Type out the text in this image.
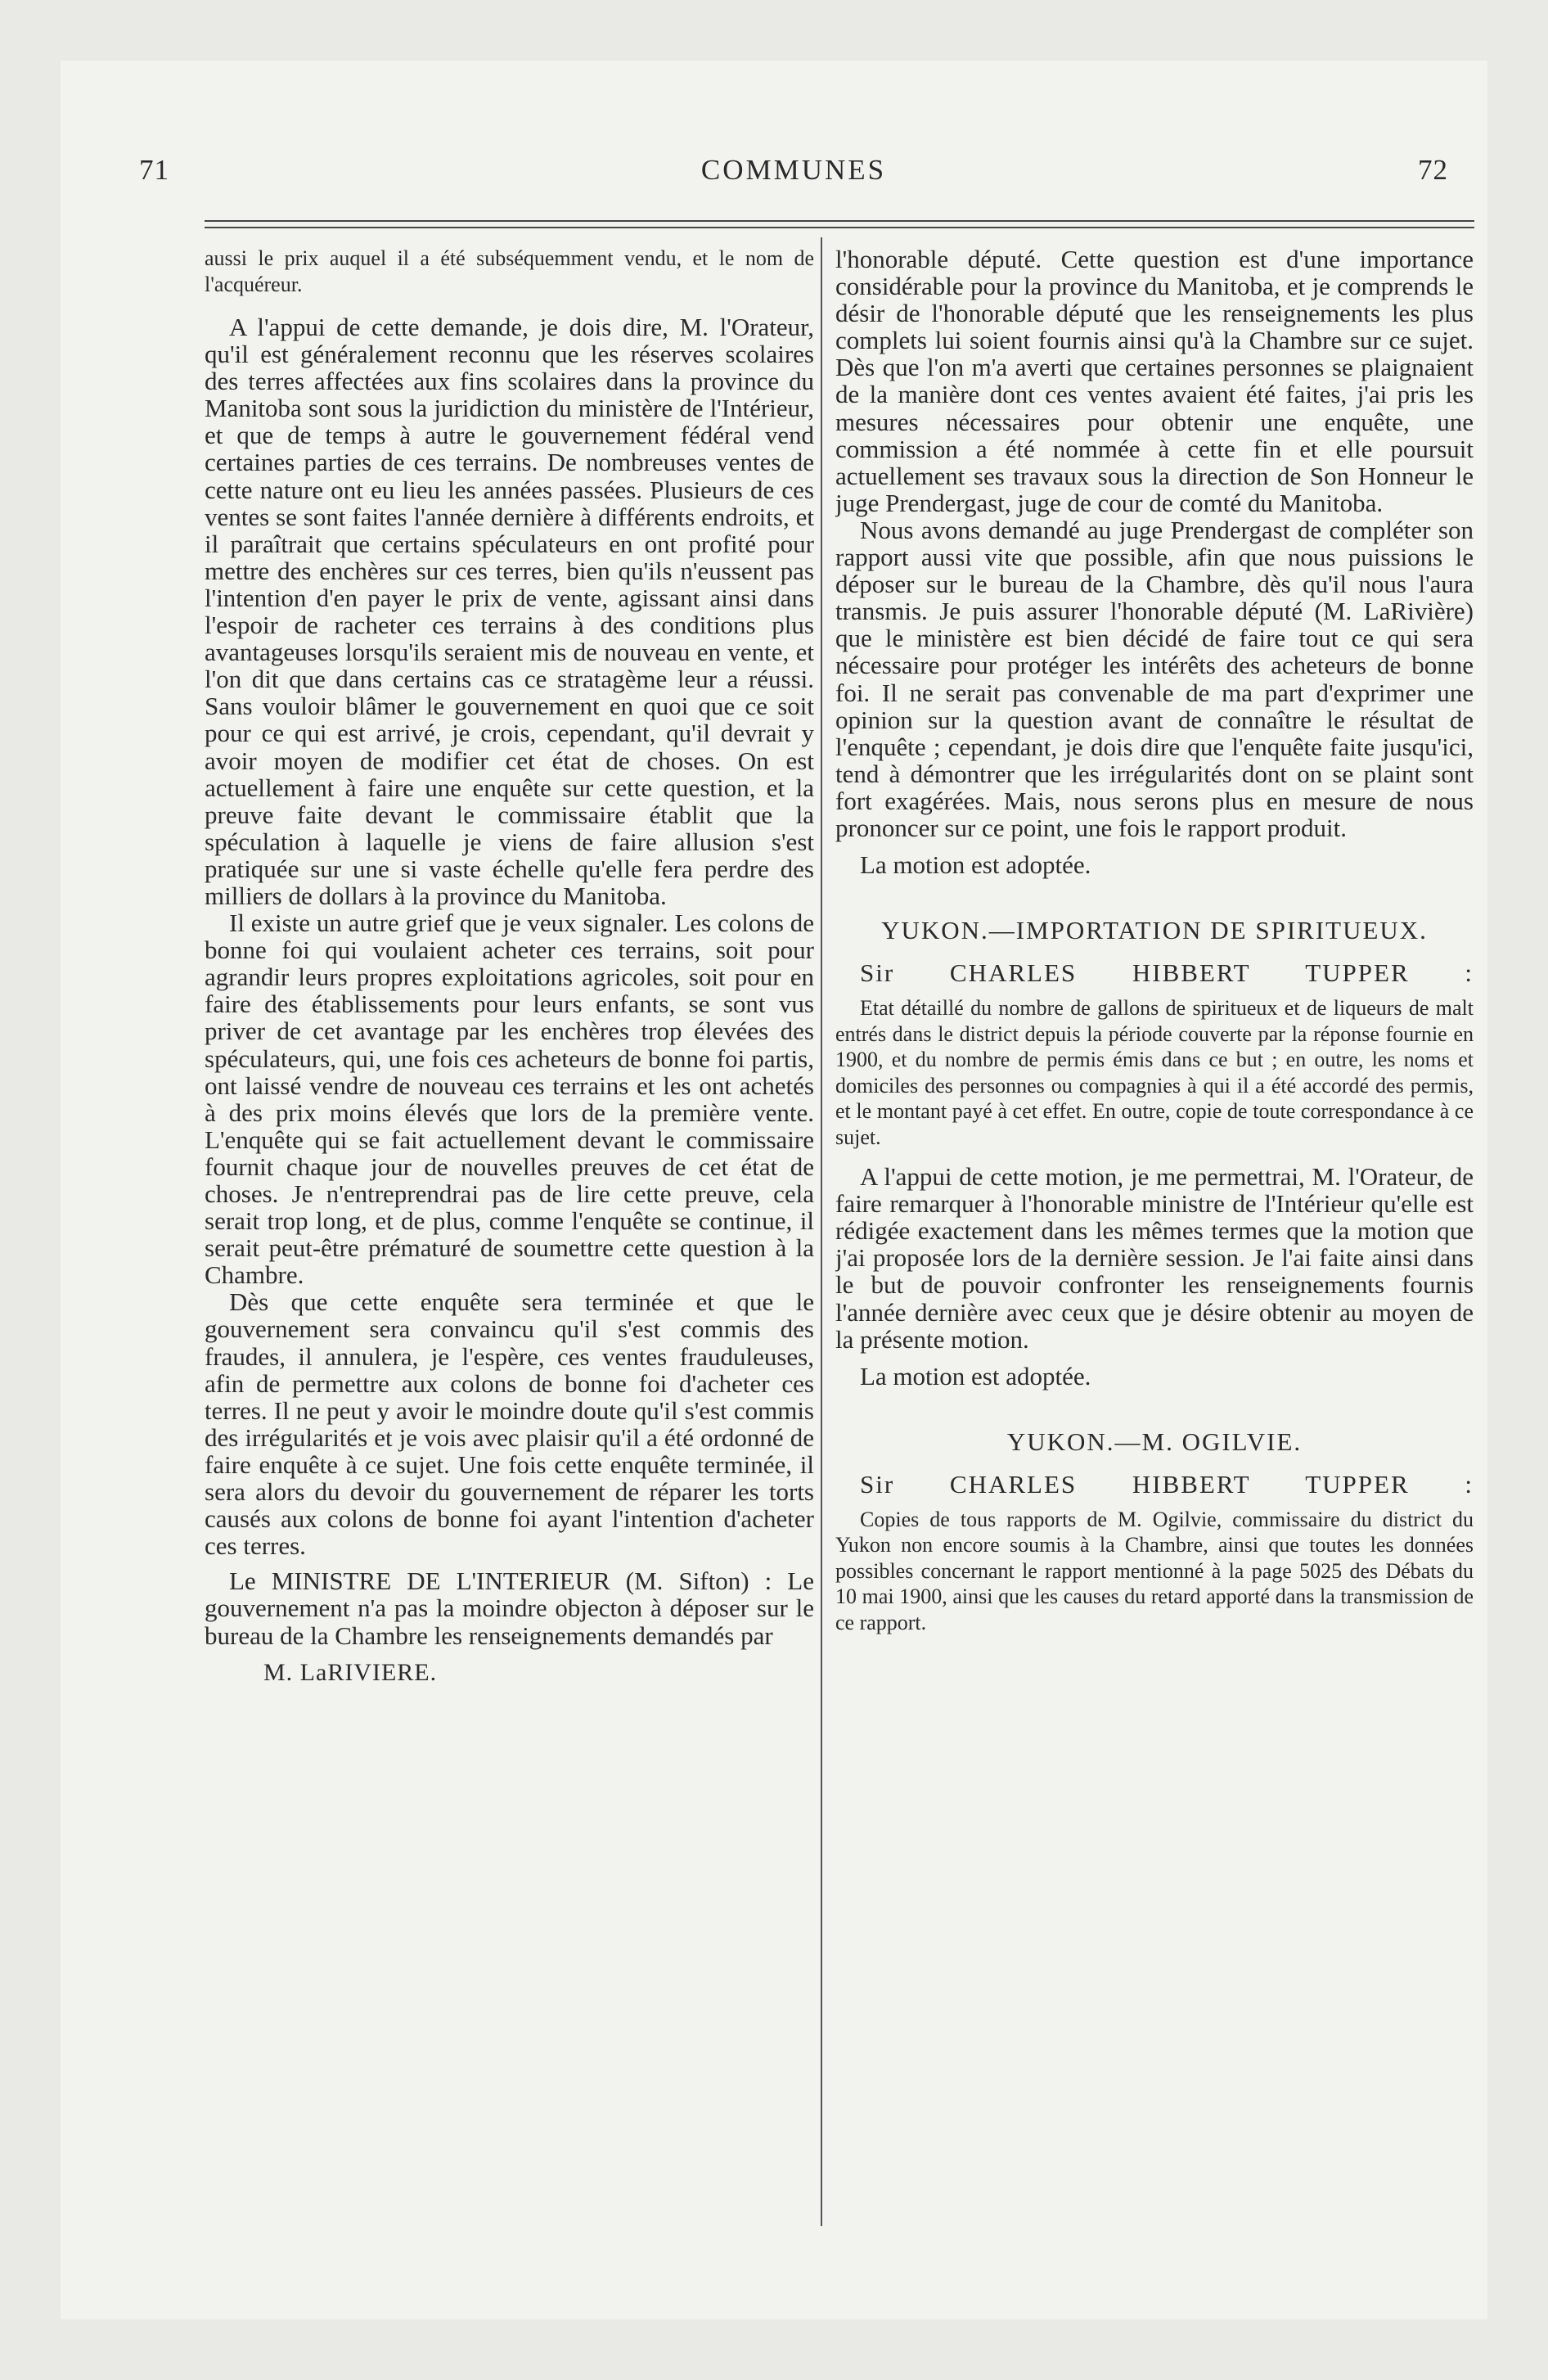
71	COMMUNES	72

aussi le prix auquel il a été subséquemment vendu, et le nom de l'acquéreur.

A l'appui de cette demande, je dois dire, M. l'Orateur, qu'il est généralement reconnu que les réserves scolaires des terres affectées aux fins scolaires dans la province du Manitoba sont sous la juridiction du ministère de l'Intérieur, et que de temps à autre le gouvernement fédéral vend certaines parties de ces terrains. De nombreuses ventes de cette nature ont eu lieu les années passées. Plusieurs de ces ventes se sont faites l'année dernière à différents endroits, et il paraîtrait que certains spéculateurs en ont profité pour mettre des enchères sur ces terres, bien qu'ils n'eussent pas l'intention d'en payer le prix de vente, agissant ainsi dans l'espoir de racheter ces terrains à des conditions plus avantageuses lorsqu'ils seraient mis de nouveau en vente, et l'on dit que dans certains cas ce stratagème leur a réussi. Sans vouloir blâmer le gouvernement en quoi que ce soit pour ce qui est arrivé, je crois, cependant, qu'il devrait y avoir moyen de modifier cet état de choses. On est actuellement à faire une enquête sur cette question, et la preuve faite devant le commissaire établit que la spéculation à laquelle je viens de faire allusion s'est pratiquée sur une si vaste échelle qu'elle fera perdre des milliers de dollars à la province du Manitoba.

Il existe un autre grief que je veux signaler. Les colons de bonne foi qui voulaient acheter ces terrains, soit pour agrandir leurs propres exploitations agricoles, soit pour en faire des établissements pour leurs enfants, se sont vus priver de cet avantage par les enchères trop élevées des spéculateurs, qui, une fois ces acheteurs de bonne foi partis, ont laissé vendre de nouveau ces terrains et les ont achetés à des prix moins élevés que lors de la première vente. L'enquête qui se fait actuellement devant le commissaire fournit chaque jour de nouvelles preuves de cet état de choses. Je n'entreprendrai pas de lire cette preuve, cela serait trop long, et de plus, comme l'enquête se continue, il serait peut-être prématuré de soumettre cette question à la Chambre.

Dès que cette enquête sera terminée et que le gouvernement sera convaincu qu'il s'est commis des fraudes, il annulera, je l'espère, ces ventes frauduleuses, afin de permettre aux colons de bonne foi d'acheter ces terres. Il ne peut y avoir le moindre doute qu'il s'est commis des irrégularités et je vois avec plaisir qu'il a été ordonné de faire enquête à ce sujet. Une fois cette enquête terminée, il sera alors du devoir du gouvernement de réparer les torts causés aux colons de bonne foi ayant l'intention d'acheter ces terres.

Le MINISTRE DE L'INTERIEUR (M. Sifton) : Le gouvernement n'a pas la moindre objecton à déposer sur le bureau de la Chambre les renseignements demandés par

M. LaRIVIERE.

l'honorable député. Cette question est d'une importance considérable pour la province du Manitoba, et je comprends le désir de l'honorable député que les renseignements les plus complets lui soient fournis ainsi qu'à la Chambre sur ce sujet. Dès que l'on m'a averti que certaines personnes se plaignaient de la manière dont ces ventes avaient été faites, j'ai pris les mesures nécessaires pour obtenir une enquête, une commission a été nommée à cette fin et elle poursuit actuellement ses travaux sous la direction de Son Honneur le juge Prendergast, juge de cour de comté du Manitoba.

Nous avons demandé au juge Prendergast de compléter son rapport aussi vite que possible, afin que nous puissions le déposer sur le bureau de la Chambre, dès qu'il nous l'aura transmis. Je puis assurer l'honorable député (M. LaRivière) que le ministère est bien décidé de faire tout ce qui sera nécessaire pour protéger les intérêts des acheteurs de bonne foi. Il ne serait pas convenable de ma part d'exprimer une opinion sur la question avant de connaître le résultat de l'enquête ; cependant, je dois dire que l'enquête faite jusqu'ici, tend à démontrer que les irrégularités dont on se plaint sont fort exagérées. Mais, nous serons plus en mesure de nous prononcer sur ce point, une fois le rapport produit.

La motion est adoptée.

YUKON.—IMPORTATION DE SPIRITUEUX.

Sir CHARLES HIBBERT TUPPER :

Etat détaillé du nombre de gallons de spiritueux et de liqueurs de malt entrés dans le district depuis la période couverte par la réponse fournie en 1900, et du nombre de permis émis dans ce but ; en outre, les noms et domiciles des personnes ou compagnies à qui il a été accordé des permis, et le montant payé à cet effet. En outre, copie de toute correspondance à ce sujet.

A l'appui de cette motion, je me permettrai, M. l'Orateur, de faire remarquer à l'honorable ministre de l'Intérieur qu'elle est rédigée exactement dans les mêmes termes que la motion que j'ai proposée lors de la dernière session. Je l'ai faite ainsi dans le but de pouvoir confronter les renseignements fournis l'année dernière avec ceux que je désire obtenir au moyen de la présente motion.

La motion est adoptée.

YUKON.—M. OGILVIE.

Sir CHARLES HIBBERT TUPPER :

Copies de tous rapports de M. Ogilvie, commissaire du district du Yukon non encore soumis à la Chambre, ainsi que toutes les données possibles concernant le rapport mentionné à la page 5025 des Débats du 10 mai 1900, ainsi que les causes du retard apporté dans la transmission de ce rapport.
